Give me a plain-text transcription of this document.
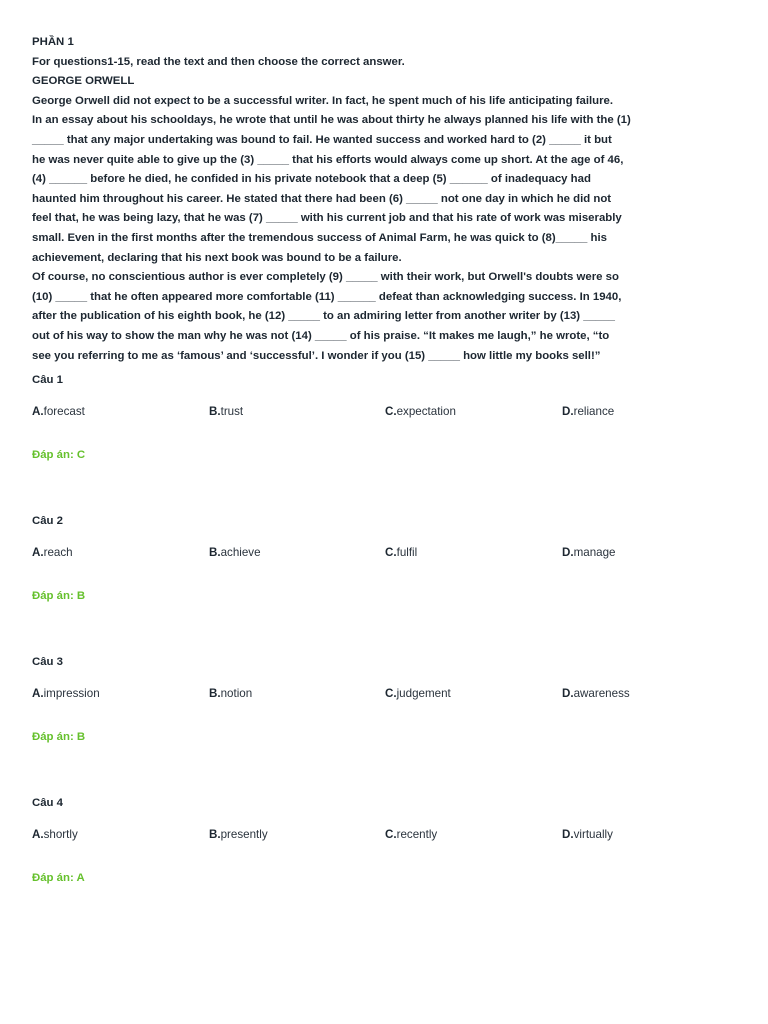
PHẦN 1
For questions1-15, read the text and then choose the correct answer.
GEORGE ORWELL
George Orwell did not expect to be a successful writer. In fact, he spent much of his life anticipating failure.
In an essay about his schooldays, he wrote that until he was about thirty he always planned his life with the (1)
_____ that any major undertaking was bound to fail. He wanted success and worked hard to (2) _____ it but
he was never quite able to give up the (3) _____ that his efforts would always come up short. At the age of 46,
(4) ______ before he died, he confided in his private notebook that a deep (5) ______ of inadequacy had
haunted him throughout his career. He stated that there had been (6) _____ not one day in which he did not
feel that, he was being lazy, that he was (7) _____ with his current job and that his rate of work was miserably
small. Even in the first months after the tremendous success of Animal Farm, he was quick to (8)_____ his
achievement, declaring that his next book was bound to be a failure.
Of course, no conscientious author is ever completely (9) _____ with their work, but Orwell's doubts were so
(10) _____ that he often appeared more comfortable (11) ______ defeat than acknowledging success. In 1940,
after the publication of his eighth book, he (12) _____ to an admiring letter from another writer by (13) _____
out of his way to show the man why he was not (14) _____ of his praise. “It makes me laugh,” he wrote, “to
see you referring to me as ‘famous’ and ‘successful’. I wonder if you (15) _____ how little my books sell!”
Câu 1
A.forecast	B.trust	C.expectation	D.reliance
Đáp án: C
Câu 2
A.reach	B.achieve	C.fulfil	D.manage
Đáp án: B
Câu 3
A.impression	B.notion	C.judgement	D.awareness
Đáp án: B
Câu 4
A.shortly	B.presently	C.recently	D.virtually
Đáp án: A
